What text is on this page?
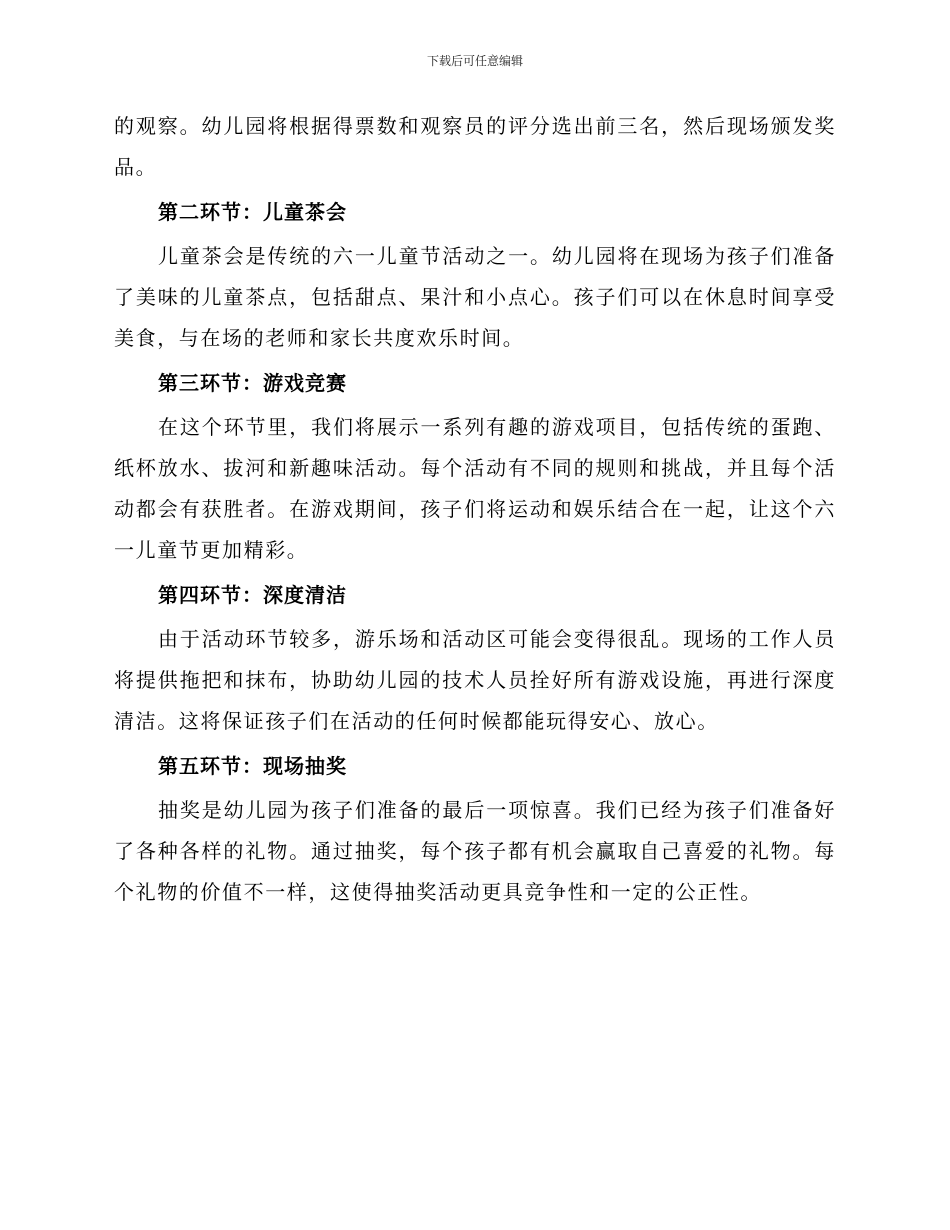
下载后可任意编辑

的观察。幼儿园将根据得票数和观察员的评分选出前三名，然后现场颁发奖品。

第二环节：儿童茶会

儿童茶会是传统的六一儿童节活动之一。幼儿园将在现场为孩子们准备了美味的儿童茶点，包括甜点、果汁和小点心。孩子们可以在休息时间享受美食，与在场的老师和家长共度欢乐时间。

第三环节：游戏竞赛

在这个环节里，我们将展示一系列有趣的游戏项目，包括传统的蛋跑、纸杯放水、拔河和新趣味活动。每个活动有不同的规则和挑战，并且每个活动都会有获胜者。在游戏期间，孩子们将运动和娱乐结合在一起，让这个六一儿童节更加精彩。

第四环节：深度清洁

由于活动环节较多，游乐场和活动区可能会变得很乱。现场的工作人员将提供拖把和抹布，协助幼儿园的技术人员拴好所有游戏设施，再进行深度清洁。这将保证孩子们在活动的任何时候都能玩得安心、放心。

第五环节：现场抽奖

抽奖是幼儿园为孩子们准备的最后一项惊喜。我们已经为孩子们准备好了各种各样的礼物。通过抽奖，每个孩子都有机会赢取自己喜爱的礼物。每个礼物的价值不一样，这使得抽奖活动更具竞争性和一定的公正性。
